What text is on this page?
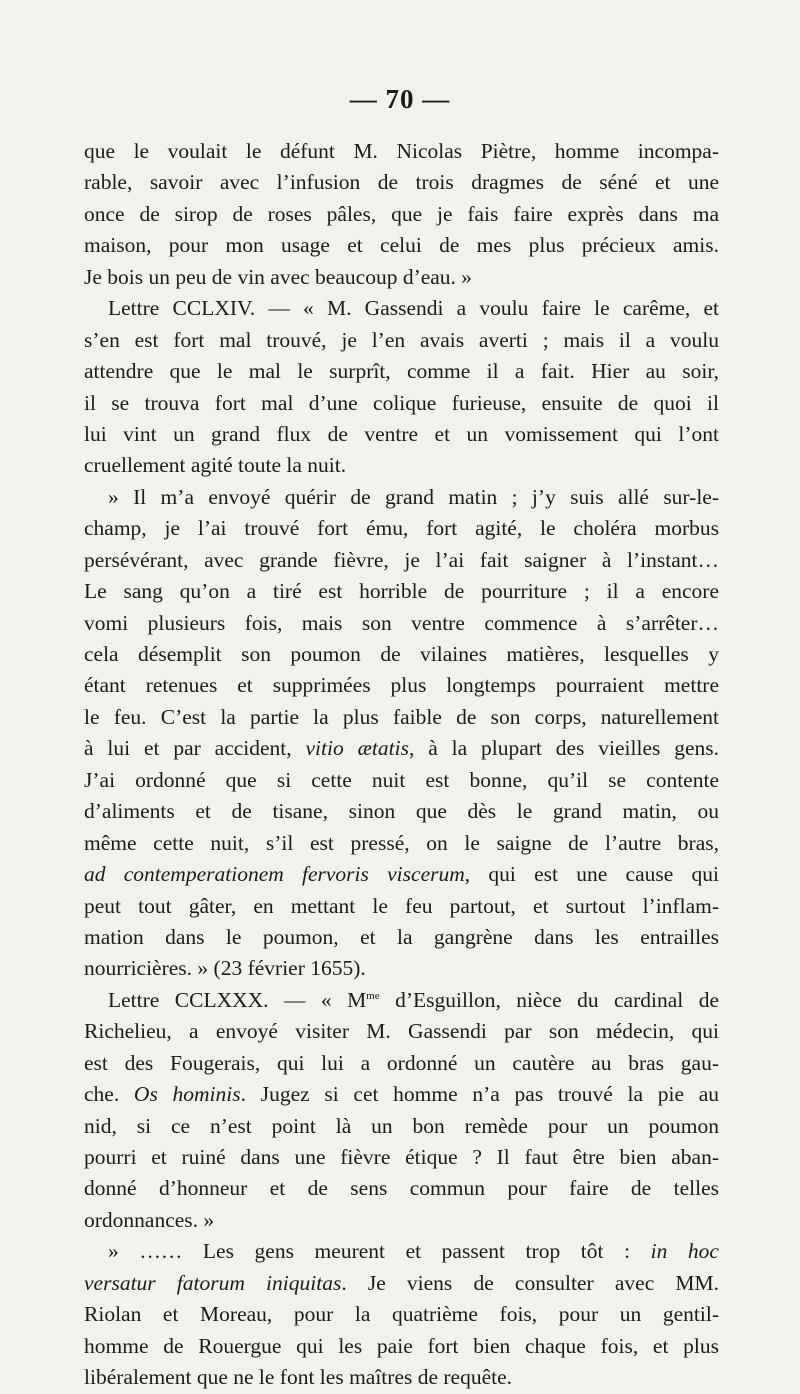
— 70 —
que le voulait le défunt M. Nicolas Piètre, homme incompa-
rable, savoir avec l’infusion de trois dragmes de séné et une
once de sirop de roses pâles, que je fais faire exprès dans ma
maison, pour mon usage et celui de mes plus précieux amis.
Je bois un peu de vin avec beaucoup d’eau. »
Lettre CCLXIV. — « M. Gassendi a voulu faire le carême, et
s’en est fort mal trouvé, je l’en avais averti ; mais il a voulu
attendre que le mal le surprît, comme il a fait. Hier au soir,
il se trouva fort mal d’une colique furieuse, ensuite de quoi il
lui vint un grand flux de ventre et un vomissement qui l’ont
cruellement agité toute la nuit.
» Il m’a envoyé quérir de grand matin ; j’y suis allé sur-le-
champ, je l’ai trouvé fort ému, fort agité, le choléra morbus
persévérant, avec grande fièvre, je l’ai fait saigner à l’instant…
Le sang qu’on a tiré est horrible de pourriture ; il a encore
vomi plusieurs fois, mais son ventre commence à s’arrêter…
cela désemplit son poumon de vilaines matières, lesquelles y
étant retenues et supprimées plus longtemps pourraient mettre
le feu. C’est la partie la plus faible de son corps, naturellement
à lui et par accident, vitio ætatis, à la plupart des vieilles gens.
J’ai ordonné que si cette nuit est bonne, qu’il se contente
d’aliments et de tisane, sinon que dès le grand matin, ou
même cette nuit, s’il est pressé, on le saigne de l’autre bras,
ad contemperationem fervoris viscerum, qui est une cause qui
peut tout gâter, en mettant le feu partout, et surtout l’inflam-
mation dans le poumon, et la gangrène dans les entrailles
nourricières. » (23 février 1655).
Lettre CCLXXX. — « $M^{me}$ d’Esguillon, nièce du cardinal de
Richelieu, a envoyé visiter M. Gassendi par son médecin, qui
est des Fougerais, qui lui a ordonné un cautère au bras gau-
che. Os hominis. Jugez si cet homme n’a pas trouvé la pie au
nid, si ce n’est point là un bon remède pour un poumon
pourri et ruiné dans une fièvre étique ? Il faut être bien aban-
donné d’honneur et de sens commun pour faire de telles
ordonnances. »
» …… Les gens meurent et passent trop tôt : in hoc
versatur fatorum iniquitas. Je viens de consulter avec MM.
Riolan et Moreau, pour la quatrième fois, pour un gentil-
homme de Rouergue qui les paie fort bien chaque fois, et plus
libéralement que ne le font les maîtres de requête.
